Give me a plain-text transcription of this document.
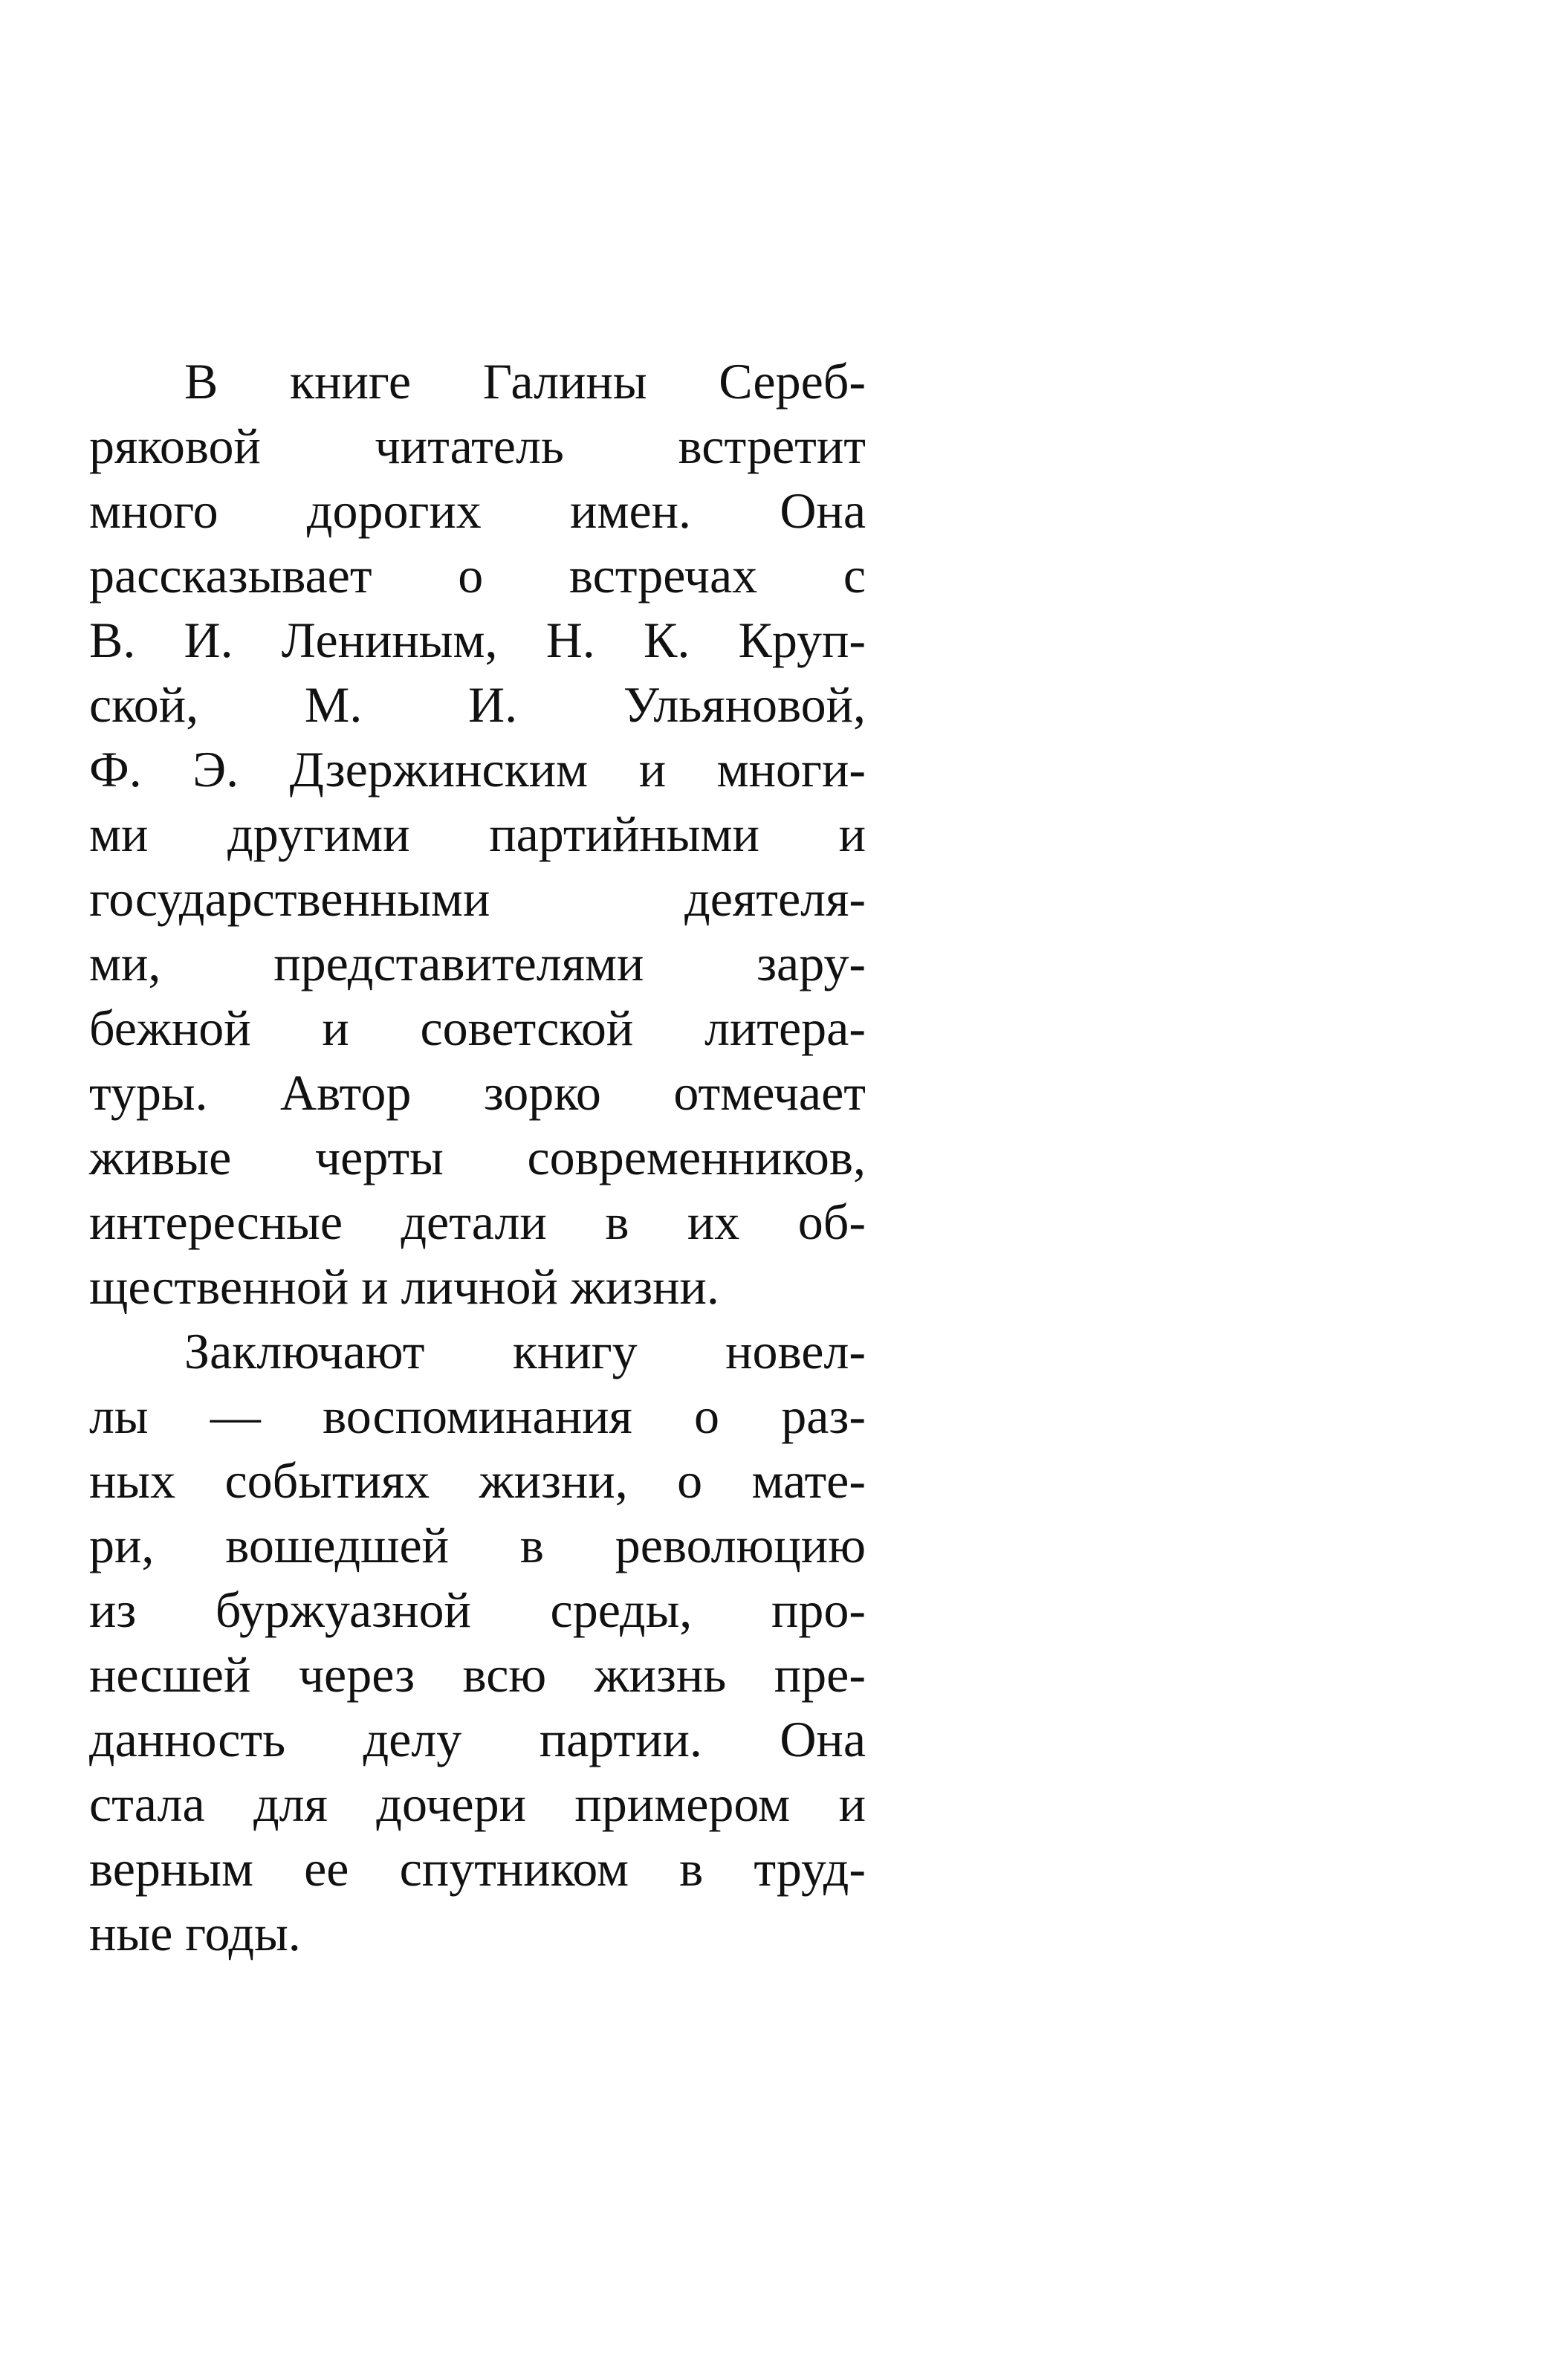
В книге Галины Сереб-
ряковой читатель встретит
много дорогих имен. Она
рассказывает о встречах с
В. И. Лениным, Н. К. Круп-
ской, М. И. Ульяновой,
Ф. Э. Дзержинским и многи-
ми другими партийными и
государственными деятеля-
ми, представителями зару-
бежной и советской литера-
туры. Автор зорко отмечает
живые черты современников,
интересные детали в их об-
щественной и личной жизни.
Заключают книгу новел-
лы — воспоминания о раз-
ных событиях жизни, о мате-
ри, вошедшей в революцию
из буржуазной среды, про-
несшей через всю жизнь пре-
данность делу партии. Она
стала для дочери примером и
верным ее спутником в труд-
ные годы.
